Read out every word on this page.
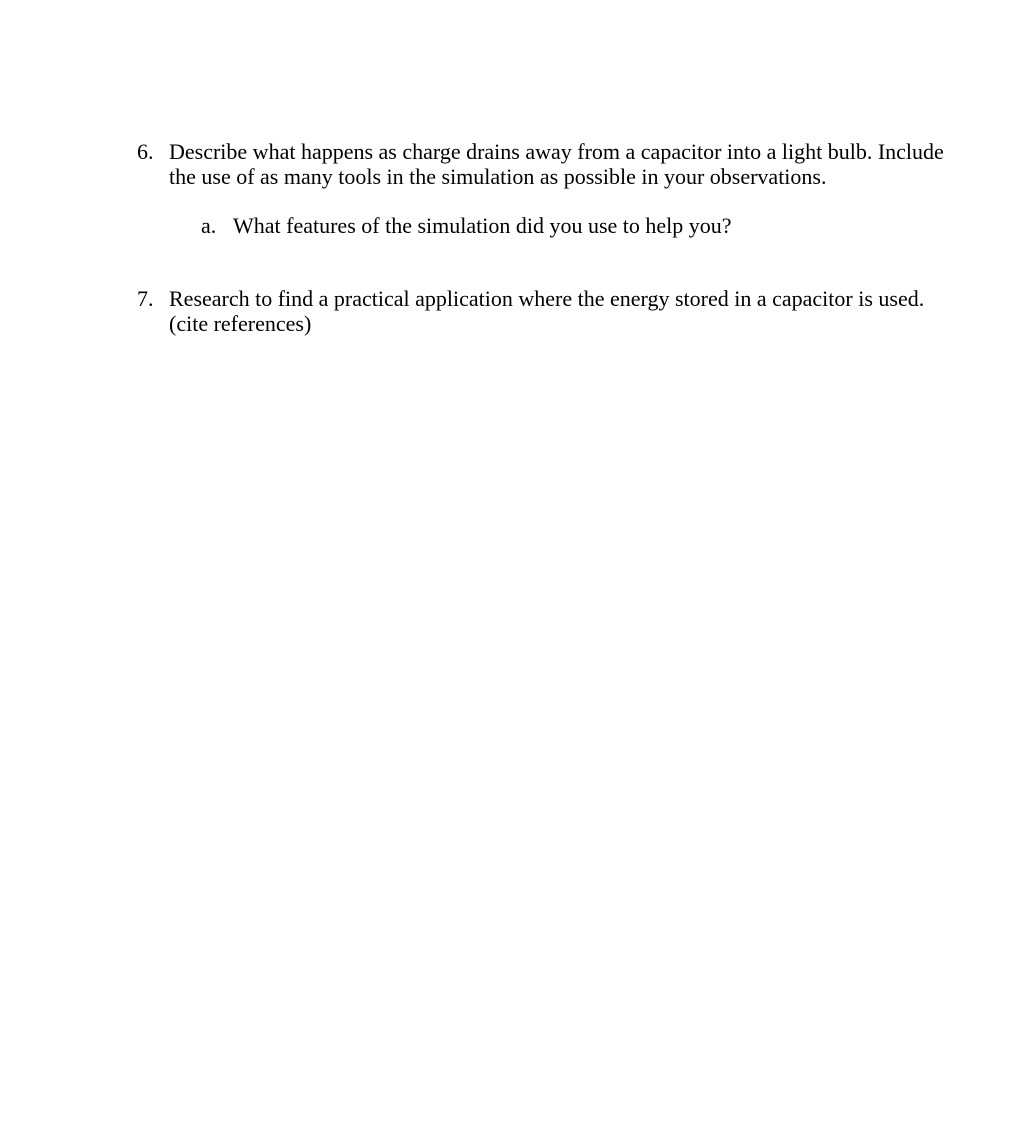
6. Describe what happens as charge drains away from a capacitor into a light bulb. Include
the use of as many tools in the simulation as possible in your observations.
a. What features of the simulation did you use to help you?
7. Research to find a practical application where the energy stored in a capacitor is used.
(cite references)
